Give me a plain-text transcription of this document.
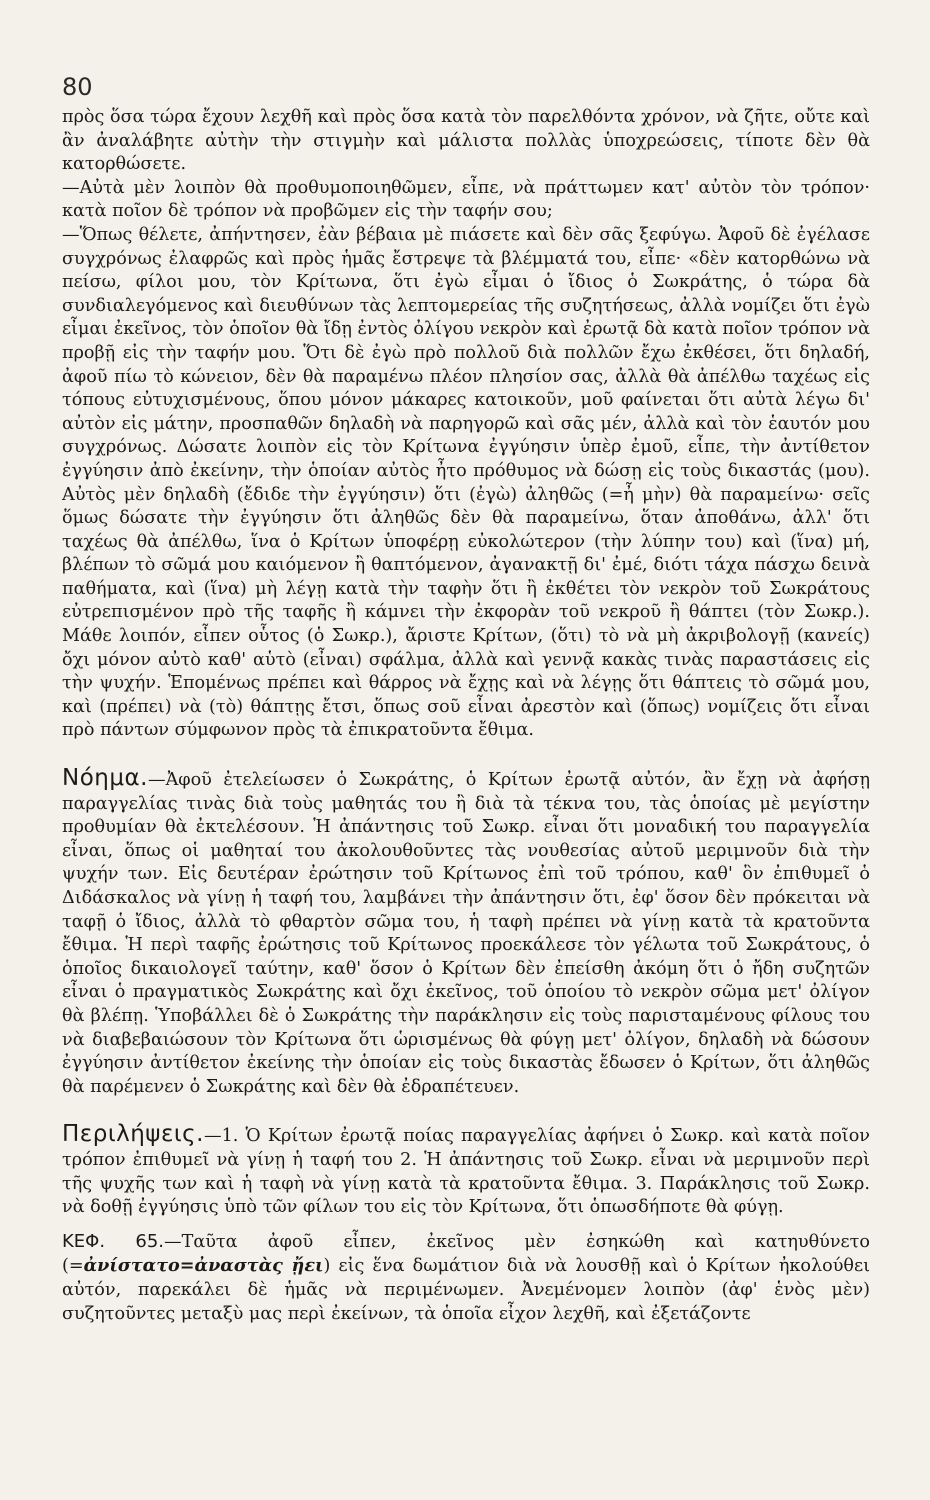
80

πρὸς ὅσα τώρα ἔχουν λεχθῆ καὶ πρὸς ὅσα κατὰ τὸν παρελθόντα χρόνον, νὰ ζῆτε, οὔτε καὶ ἂν ἀναλάβητε αὐτὴν τὴν στιγμὴν καὶ μάλιστα πολλὰς ὑποχρεώσεις, τίποτε δὲν θὰ κατορθώσετε.

—Αὐτὰ μὲν λοιπὸν θὰ προθυμοποιηθῶμεν, εἶπε, νὰ πράττωμεν κατ' αὐτὸν τὸν τρόπον· κατὰ ποῖον δὲ τρόπον νὰ προβῶμεν εἰς τὴν ταφήν σου;

—Ὅπως θέλετε, ἀπήντησεν, ἐὰν βέβαια μὲ πιάσετε καὶ δὲν σᾶς ξεφύγω. Ἀφοῦ δὲ ἐγέλασε συγχρόνως ἐλαφρῶς καὶ πρὸς ἡμᾶς ἔστρεψε τὰ βλέμματά του, εἶπε· «δὲν κατορθώνω νὰ πείσω, φίλοι μου, τὸν Κρίτωνα, ὅτι ἐγὼ εἶμαι ὁ ἴδιος ὁ Σωκράτης, ὁ τώρα δὰ συνδιαλεγόμενος καὶ διευθύνων τὰς λεπτομερείας τῆς συζητήσεως, ἀλλὰ νομίζει ὅτι ἐγὼ εἶμαι ἐκεῖνος, τὸν ὁποῖον θὰ ἴδῃ ἐντὸς ὀλίγου νεκρὸν καὶ ἐρωτᾷ δὰ κατὰ ποῖον τρόπον νὰ προβῇ εἰς τὴν ταφήν μου. Ὅτι δὲ ἐγὼ πρὸ πολλοῦ διὰ πολλῶν ἔχω ἐκθέσει, ὅτι δηλαδή, ἀφοῦ πίω τὸ κώνειον, δὲν θὰ παραμένω πλέον πλησίον σας, ἀλλὰ θὰ ἀπέλθω ταχέως εἰς τόπους εὐτυχισμένους, ὅπου μόνον μάκαρες κατοικοῦν, μοῦ φαίνεται ὅτι αὐτὰ λέγω δι' αὐτὸν εἰς μάτην, προσπαθῶν δηλαδὴ νὰ παρηγορῶ καὶ σᾶς μέν, ἀλλὰ καὶ τὸν ἑαυτόν μου συγχρόνως. Δώσατε λοιπὸν εἰς τὸν Κρίτωνα ἐγγύησιν ὑπὲρ ἐμοῦ, εἶπε, τὴν ἀντίθετον ἐγγύησιν ἀπὸ ἐκείνην, τὴν ὁποίαν αὐτὸς ἦτο πρόθυμος νὰ δώσῃ εἰς τοὺς δικαστάς (μου). Αὐτὸς μὲν δηλαδὴ (ἔδιδε τὴν ἐγγύησιν) ὅτι (ἐγὼ) ἀληθῶς (=ἦ μὴν) θὰ παραμείνω· σεῖς ὅμως δώσατε τὴν ἐγγύησιν ὅτι ἀληθῶς δὲν θὰ παραμείνω, ὅταν ἀποθάνω, ἀλλ' ὅτι ταχέως θὰ ἀπέλθω, ἵνα ὁ Κρίτων ὑποφέρῃ εὐκολώτερον (τὴν λύπην του) καὶ (ἵνα) μή, βλέπων τὸ σῶμά μου καιόμενον ἢ θαπτόμενον, ἀγανακτῇ δι' ἐμέ, διότι τάχα πάσχω δεινὰ παθήματα, καὶ (ἵνα) μὴ λέγῃ κατὰ τὴν ταφὴν ὅτι ἢ ἐκθέτει τὸν νεκρὸν τοῦ Σωκράτους εὐτρεπισμένον πρὸ τῆς ταφῆς ἢ κάμνει τὴν ἐκφορὰν τοῦ νεκροῦ ἢ θάπτει (τὸν Σωκρ.). Μάθε λοιπόν, εἶπεν οὗτος (ὁ Σωκρ.), ἄριστε Κρίτων, (ὅτι) τὸ νὰ μὴ ἀκριβολογῇ (κανείς) ὄχι μόνον αὐτὸ καθ' αὑτὸ (εἶναι) σφάλμα, ἀλλὰ καὶ γεννᾷ κακὰς τινὰς παραστάσεις εἰς τὴν ψυχήν. Ἑπομένως πρέπει καὶ θάρρος νὰ ἔχῃς καὶ νὰ λέγῃς ὅτι θάπτεις τὸ σῶμά μου, καὶ (πρέπει) νὰ (τὸ) θάπτῃς ἔτσι, ὅπως σοῦ εἶναι ἀρεστὸν καὶ (ὅπως) νομίζεις ὅτι εἶναι πρὸ πάντων σύμφωνον πρὸς τὰ ἐπικρατοῦντα ἔθιμα.

Νόημα.—Ἀφοῦ ἐτελείωσεν ὁ Σωκράτης, ὁ Κρίτων ἐρωτᾷ αὐτόν, ἂν ἔχῃ νὰ ἀφήσῃ παραγγελίας τινὰς διὰ τοὺς μαθητάς του ἢ διὰ τὰ τέκνα του, τὰς ὁποίας μὲ μεγίστην προθυμίαν θὰ ἐκτελέσουν. Ἡ ἀπάντησις τοῦ Σωκρ. εἶναι ὅτι μοναδική του παραγγελία εἶναι, ὅπως οἱ μαθηταί του ἀκολουθοῦντες τὰς νουθεσίας αὐτοῦ μεριμνοῦν διὰ τὴν ψυχήν των. Εἰς δευτέραν ἐρώτησιν τοῦ Κρίτωνος ἐπὶ τοῦ τρόπου, καθ' ὃν ἐπιθυμεῖ ὁ Διδάσκαλος νὰ γίνῃ ἡ ταφή του, λαμβάνει τὴν ἀπάντησιν ὅτι, ἐφ' ὅσον δὲν πρόκειται νὰ ταφῇ ὁ ἴδιος, ἀλλὰ τὸ φθαρτὸν σῶμα του, ἡ ταφὴ πρέπει νὰ γίνῃ κατὰ τὰ κρατοῦντα ἔθιμα. Ἡ περὶ ταφῆς ἐρώτησις τοῦ Κρίτωνος προεκάλεσε τὸν γέλωτα τοῦ Σωκράτους, ὁ ὁποῖος δικαιολογεῖ ταύτην, καθ' ὅσον ὁ Κρίτων δὲν ἐπείσθη ἀκόμη ὅτι ὁ ἤδη συζητῶν εἶναι ὁ πραγματικὸς Σωκράτης καὶ ὄχι ἐκεῖνος, τοῦ ὁποίου τὸ νεκρὸν σῶμα μετ' ὀλίγον θὰ βλέπῃ. Ὑποβάλλει δὲ ὁ Σωκράτης τὴν παράκλησιν εἰς τοὺς παρισταμένους φίλους του νὰ διαβεβαιώσουν τὸν Κρίτωνα ὅτι ὡρισμένως θὰ φύγῃ μετ' ὀλίγον, δηλαδὴ νὰ δώσουν ἐγγύησιν ἀντίθετον ἐκείνης τὴν ὁποίαν εἰς τοὺς δικαστὰς ἔδωσεν ὁ Κρίτων, ὅτι ἀληθῶς θὰ παρέμενεν ὁ Σωκράτης καὶ δὲν θὰ ἐδραπέτευεν.

Περιλήψεις.—1. Ὁ Κρίτων ἐρωτᾷ ποίας παραγγελίας ἀφήνει ὁ Σωκρ. καὶ κατὰ ποῖον τρόπον ἐπιθυμεῖ νὰ γίνῃ ἡ ταφή του 2. Ἡ ἀπάντησις τοῦ Σωκρ. εἶναι νὰ μεριμνοῦν περὶ τῆς ψυχῆς των καὶ ἡ ταφὴ νὰ γίνῃ κατὰ τὰ κρατοῦντα ἔθιμα. 3. Παράκλησις τοῦ Σωκρ. νὰ δοθῇ ἐγγύησις ὑπὸ τῶν φίλων του εἰς τὸν Κρίτωνα, ὅτι ὁπωσδήποτε θὰ φύγῃ.

ΚΕΦ. 65.—Ταῦτα ἀφοῦ εἶπεν, ἐκεῖνος μὲν ἐσηκώθη καὶ κατηυθύνετο (=ἀνίστατο=ἀναστὰς ᾔει) εἰς ἕνα δωμάτιον διὰ νὰ λουσθῇ καὶ ὁ Κρίτων ἠκολούθει αὐτόν, παρεκάλει δὲ ἡμᾶς νὰ περιμένωμεν. Ἀνεμένομεν λοιπὸν (ἀφ' ἑνὸς μὲν) συζητοῦντες μεταξὺ μας περὶ ἐκείνων, τὰ ὁποῖα εἶχον λεχθῆ, καὶ ἐξετάζοντε
